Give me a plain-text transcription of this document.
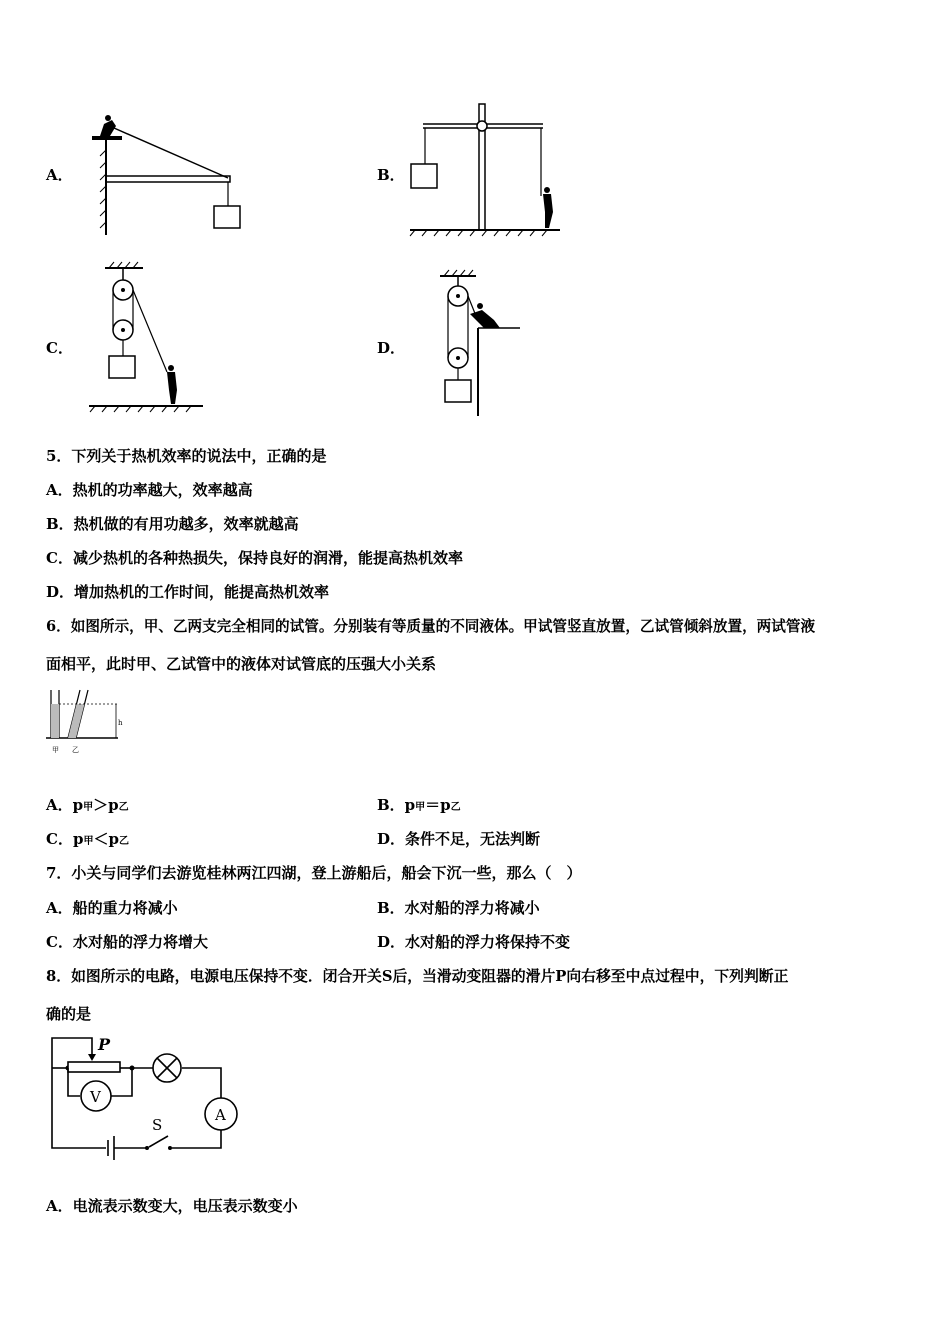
A．	B．
C．	D．
5．下列关于热机效率的说法中，正确的是
A．热机的功率越大，效率越高
B．热机做的有用功越多，效率就越高
C．减少热机的各种热损失，保持良好的润滑，能提高热机效率
D．增加热机的工作时间，能提高热机效率
6．如图所示，甲、乙两支完全相同的试管。分别装有等质量的不同液体。甲试管竖直放置，乙试管倾斜放置，两试管液
面相平，此时甲、乙试管中的液体对试管底的压强大小关系
h
甲 乙
A．p甲＞p乙	B．p甲＝p乙
C．p甲＜p乙	D．条件不足，无法判断
7．小关与同学们去游览桂林两江四湖，登上游船后，船会下沉一些，那么（　）
A．船的重力将减小	B．水对船的浮力将减小
C．水对船的浮力将增大	D．水对船的浮力将保持不变
8．如图所示的电路，电源电压保持不变．闭合开关S后，当滑动变阻器的滑片P向右移至中点过程中，下列判断正
确的是
S
A
P
V
A．电流表示数变大，电压表示数变小
